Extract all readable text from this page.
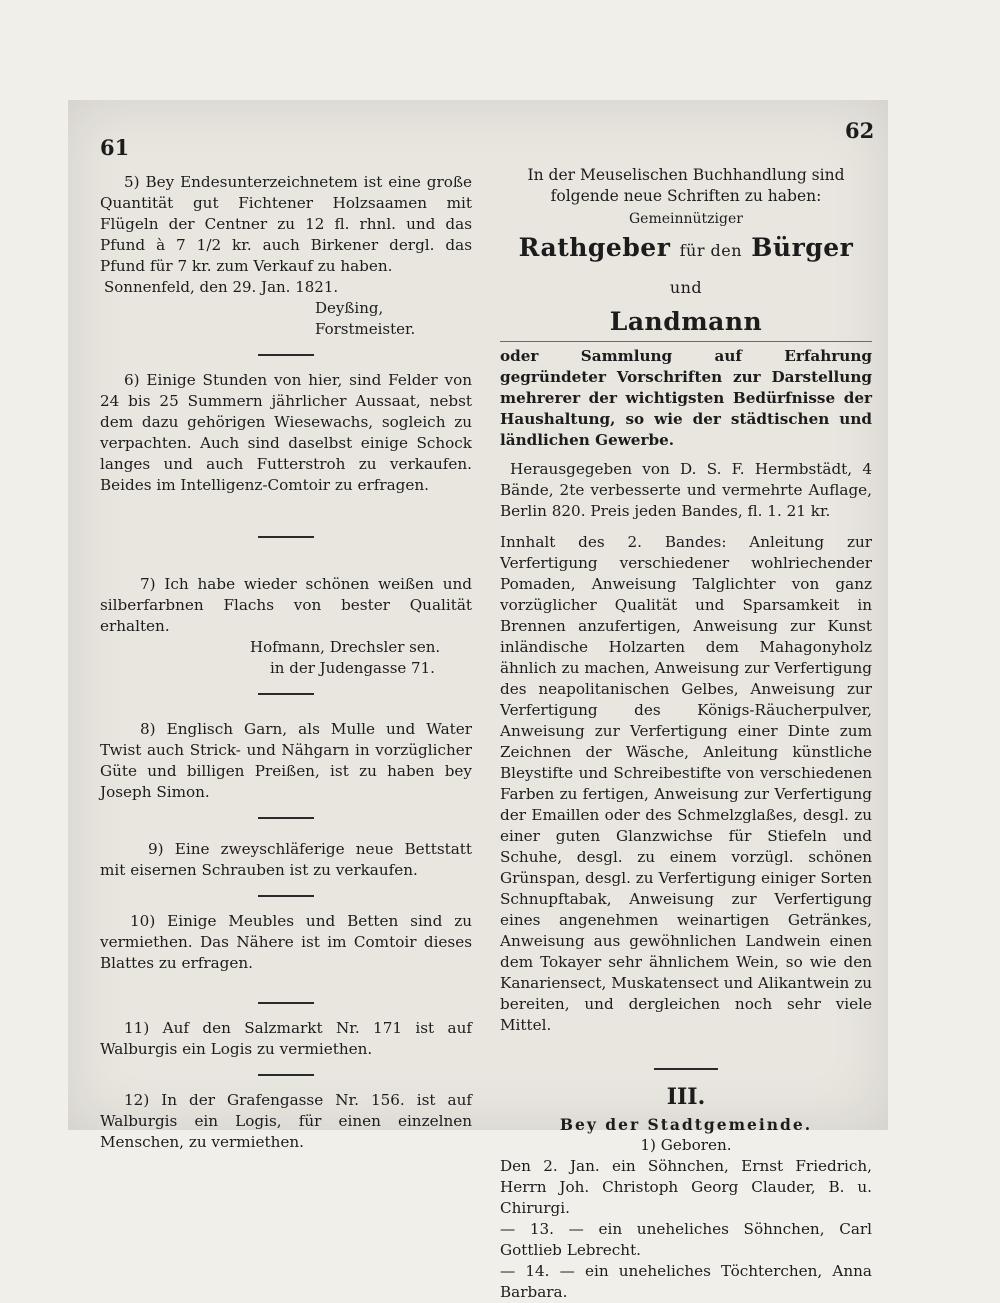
61
62

5) Bey Endesunterzeichnetem ist eine große Quantität gut Fichtener Holzsaamen mit Flügeln der Centner zu 12 fl. rhnl. und das Pfund à 7 1/2 kr. auch Birkener dergl. das Pfund für 7 kr. zum Verkauf zu haben.

Sonnenfeld, den 29. Jan. 1821.
Deyßing,
Forstmeister.

6) Einige Stunden von hier, sind Felder von 24 bis 25 Summern jährlicher Aussaat, nebst dem dazu gehörigen Wiesewachs, sogleich zu verpachten. Auch sind daselbst einige Schock langes und auch Futterstroh zu verkaufen. Beides im Intelligenz-Comtoir zu erfragen.

7) Ich habe wieder schönen weißen und silberfarbnen Flachs von bester Qualität erhalten.

Hofmann, Drechsler sen.
in der Judengasse 71.

8) Englisch Garn, als Mulle und Water Twist auch Strick- und Nähgarn in vorzüglicher Güte und billigen Preißen, ist zu haben bey Joseph Simon.

9) Eine zweyschläferige neue Bettstatt mit eisernen Schrauben ist zu verkaufen.

10) Einige Meubles und Betten sind zu vermiethen. Das Nähere ist im Comtoir dieses Blattes zu erfragen.

11) Auf den Salzmarkt Nr. 171 ist auf Walburgis ein Logis zu vermiethen.

12) In der Grafengasse Nr. 156. ist auf Walburgis ein Logis, für einen einzelnen Menschen, zu vermiethen.

In der Meuselischen Buchhandlung sind folgende neue Schriften zu haben:
Gemeinnütziger
Rathgeber für den Bürger und
Landmann

oder Sammlung auf Erfahrung gegründeter Vorschriften zur Darstellung mehrerer der wichtigsten Bedürfnisse der Haushaltung, so wie der städtischen und ländlichen Gewerbe.

Herausgegeben von D. S. F. Hermbstädt, 4 Bände, 2te verbesserte und vermehrte Auflage, Berlin 820. Preis jeden Bandes, fl. 1. 21 kr.

Innhalt des 2. Bandes: Anleitung zur Verfertigung verschiedener wohlriechender Pomaden, Anweisung Talglichter von ganz vorzüglicher Qualität und Sparsamkeit in Brennen anzufertigen, Anweisung zur Kunst inländische Holzarten dem Mahagonyholz ähnlich zu machen, Anweisung zur Verfertigung des neapolitanischen Gelbes, Anweisung zur Verfertigung des Königs-Räucherpulver, Anweisung zur Verfertigung einer Dinte zum Zeichnen der Wäsche, Anleitung künstliche Bleystifte und Schreibestifte von verschiedenen Farben zu fertigen, Anweisung zur Verfertigung der Emaillen oder des Schmelzglaßes, desgl. zu einer guten Glanzwichse für Stiefeln und Schuhe, desgl. zu einem vorzügl. schönen Grünspan, desgl. zu Verfertigung einiger Sorten Schnupftabak, Anweisung zur Verfertigung eines angenehmen weinartigen Getränkes, Anweisung aus gewöhnlichen Landwein einen dem Tokayer sehr ähnlichem Wein, so wie den Kanariensect, Muskatensect und Alikantwein zu bereiten, und dergleichen noch sehr viele Mittel.

III.
Bey der Stadtgemeinde.
1) Geboren.

Den 2. Jan. ein Söhnchen, Ernst Friedrich, Herrn Joh. Christoph Georg Clauder, B. u. Chirurgi.

— 13. — ein uneheliches Söhnchen, Carl Gottlieb Lebrecht.

— 14. — ein uneheliches Töchterchen, Anna Barbara.
